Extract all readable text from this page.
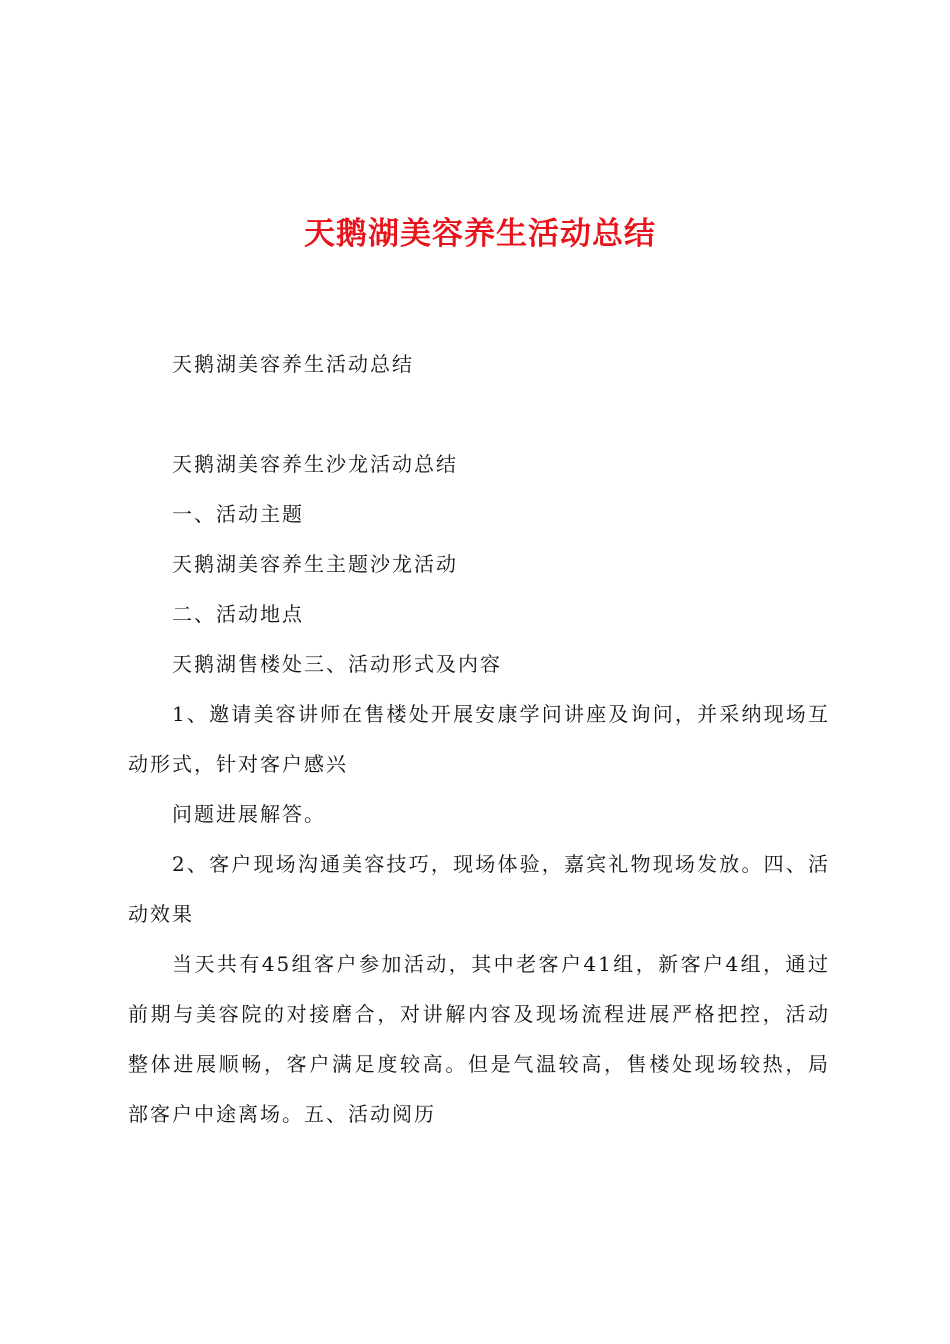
天鹅湖美容养生活动总结
天鹅湖美容养生活动总结
天鹅湖美容养生沙龙活动总结
一、活动主题
天鹅湖美容养生主题沙龙活动
二、活动地点
天鹅湖售楼处三、活动形式及内容
1、邀请美容讲师在售楼处开展安康学问讲座及询问，并采纳现场互动形式，针对客户感兴
问题进展解答。
2、客户现场沟通美容技巧，现场体验，嘉宾礼物现场发放。四、活动效果
当天共有45组客户参加活动，其中老客户41组，新客户4组，通过前期与美容院的对接磨合，对讲解内容及现场流程进展严格把控，活动整体进展顺畅，客户满足度较高。但是气温较高，售楼处现场较热，局部客户中途离场。五、活动阅历
